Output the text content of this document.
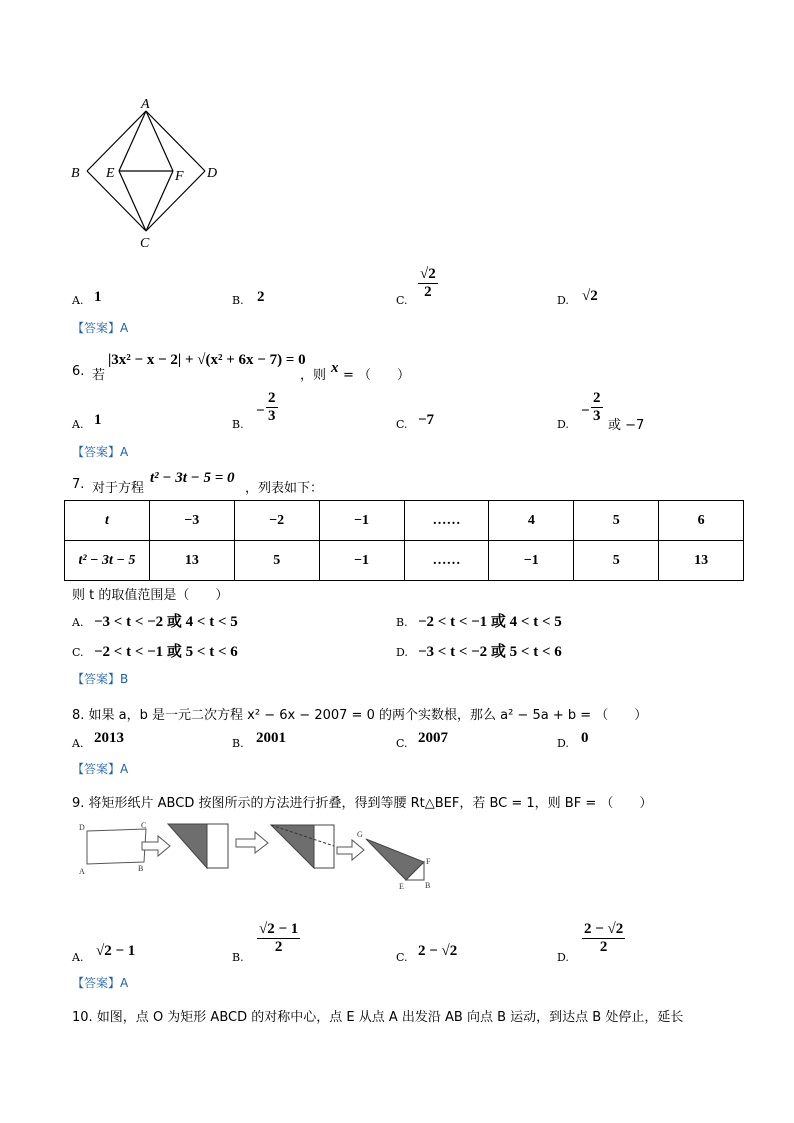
A
B
C
D
E	F
A. 1	B. 2	C.
√2
2
D. √2
【答案】A
6. 若
|3x² − x − 2| + √(x² + 6x − 7) = 0
，则 x = （　　）
A. 1	B.
−
2
3
C. −7	D.
−
2
3
或 −7
【答案】A
7. 对于方程
t² − 3t − 5 = 0
，列表如下：
t	−3	−2	−1	……	4	5	6
t² − 3t − 5	13	5	−1	……	−1	5	13
则 t 的取值范围是（　　）
A. −3 < t < −2 或 4 < t < 5	B. −2 < t < −1 或 4 < t < 5
C. −2 < t < −1 或 5 < t < 6	D. −3 < t < −2 或 5 < t < 6
【答案】B
8. 如果 a，b 是一元二次方程 x² − 6x − 2007 = 0 的两个实数根，那么 a² − 5a + b = （　　）
A. 2013	B. 2001	C. 2007	D. 0
【答案】A
9. 将矩形纸片 ABCD 按图所示的方法进行折叠，得到等腰 Rt△BEF，若 BC = 1，则 BF = （　　）
D	C
A	B
G
F
E	B
A. √2 − 1	B.
√2 − 1
2
C. 2 − √2	D.
2 − √2
2
【答案】A
10. 如图，点 O 为矩形 ABCD 的对称中心，点 E 从点 A 出发沿 AB 向点 B 运动，到达点 B 处停止，延长
